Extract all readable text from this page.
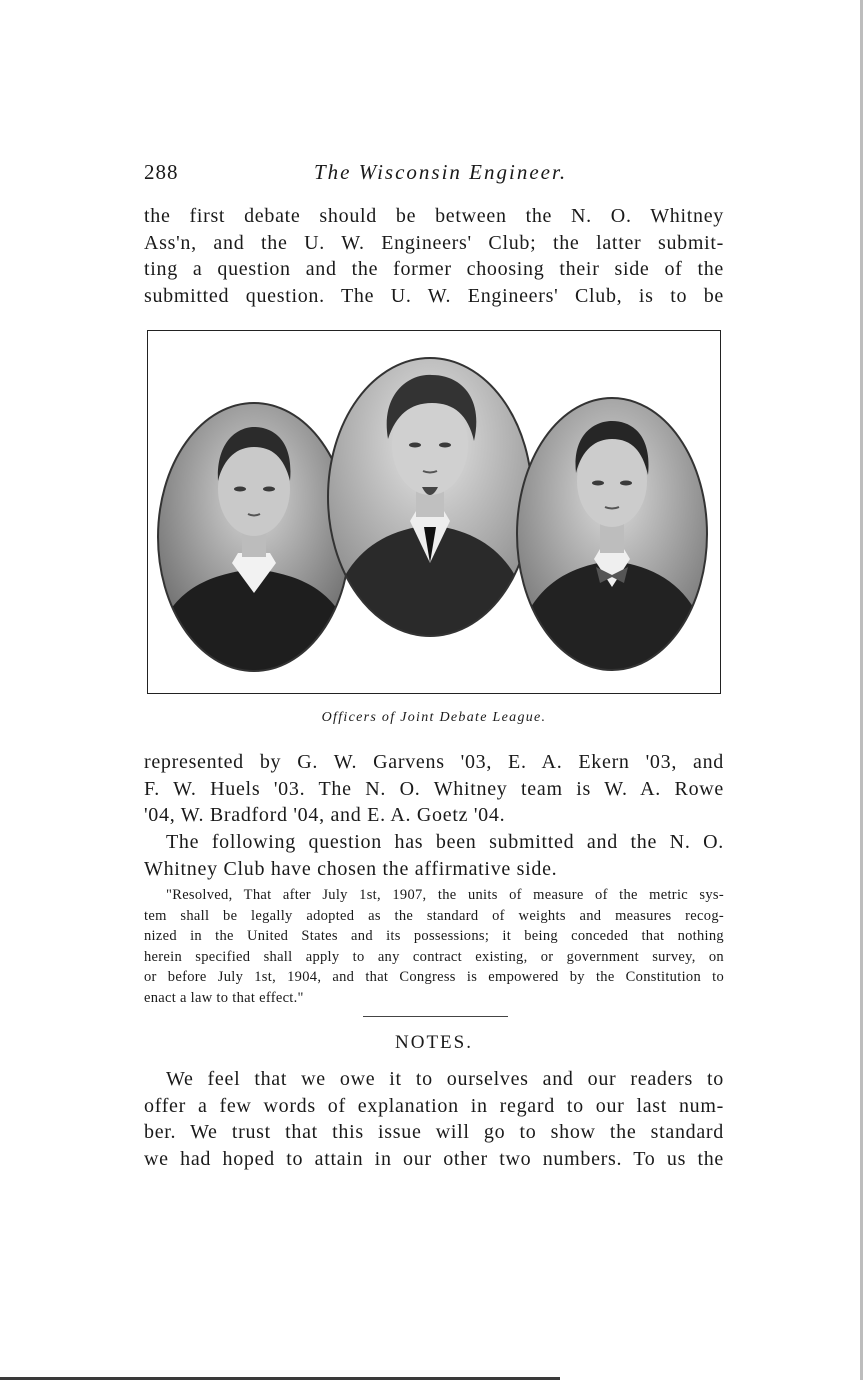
288	The Wisconsin Engineer.
the first debate should be between the N. O. Whitney
Ass'n, and the U. W. Engineers' Club; the latter submit-
ting a question and the former choosing their side of the
submitted question. The U. W. Engineers' Club, is to be
Officers of Joint Debate League.
represented by G. W. Garvens '03, E. A. Ekern '03, and
F. W. Huels '03. The N. O. Whitney team is W. A. Rowe
'04, W. Bradford '04, and E. A. Goetz '04.
The following question has been submitted and the N. O.
Whitney Club have chosen the affirmative side.
"Resolved, That after July 1st, 1907, the units of measure of the metric sys-
tem shall be legally adopted as the standard of weights and measures recog-
nized in the United States and its possessions; it being conceded that nothing
herein specified shall apply to any contract existing, or government survey, on
or before July 1st, 1904, and that Congress is empowered by the Constitution to
enact a law to that effect."
NOTES.
We feel that we owe it to ourselves and our readers to
offer a few words of explanation in regard to our last num-
ber. We trust that this issue will go to show the standard
we had hoped to attain in our other two numbers. To us the
